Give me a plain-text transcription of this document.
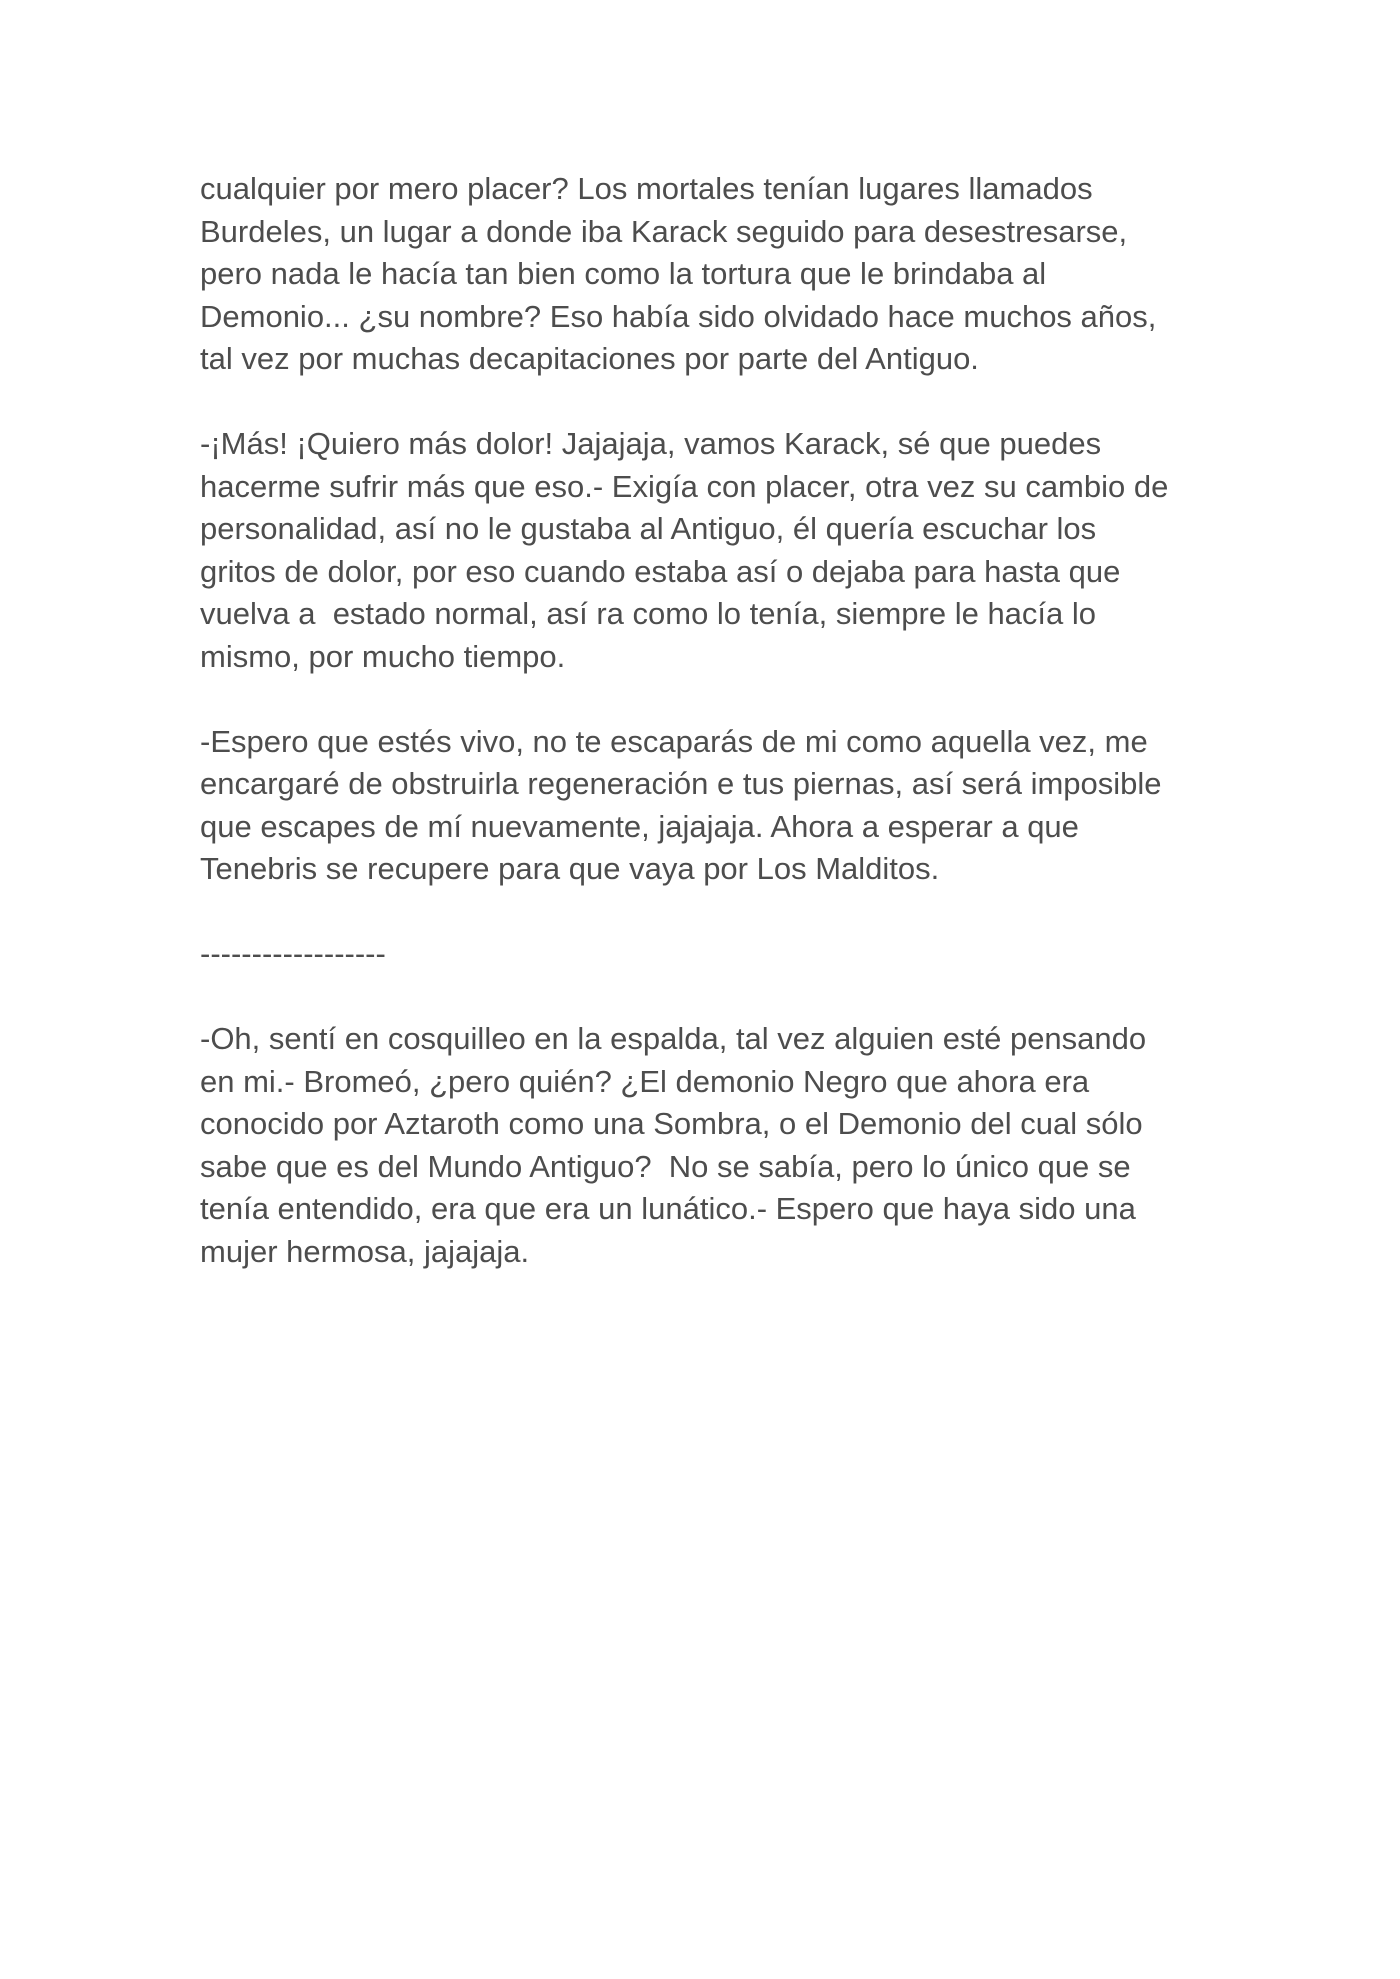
cualquier por mero placer? Los mortales tenían lugares llamados
Burdeles, un lugar a donde iba Karack seguido para desestresarse,
pero nada le hacía tan bien como la tortura que le brindaba al
Demonio... ¿su nombre? Eso había sido olvidado hace muchos años,
tal vez por muchas decapitaciones por parte del Antiguo.
-¡Más! ¡Quiero más dolor! Jajajaja, vamos Karack, sé que puedes
hacerme sufrir más que eso.- Exigía con placer, otra vez su cambio de
personalidad, así no le gustaba al Antiguo, él quería escuchar los
gritos de dolor, por eso cuando estaba así o dejaba para hasta que
vuelva a  estado normal, así ra como lo tenía, siempre le hacía lo
mismo, por mucho tiempo.
-Espero que estés vivo, no te escaparás de mi como aquella vez, me
encargaré de obstruirla regeneración e tus piernas, así será imposible
que escapes de mí nuevamente, jajajaja. Ahora a esperar a que
Tenebris se recupere para que vaya por Los Malditos.
------------------
-Oh, sentí en cosquilleo en la espalda, tal vez alguien esté pensando
en mi.- Bromeó, ¿pero quién? ¿El demonio Negro que ahora era
conocido por Aztaroth como una Sombra, o el Demonio del cual sólo
sabe que es del Mundo Antiguo?  No se sabía, pero lo único que se
tenía entendido, era que era un lunático.- Espero que haya sido una
mujer hermosa, jajajaja.
